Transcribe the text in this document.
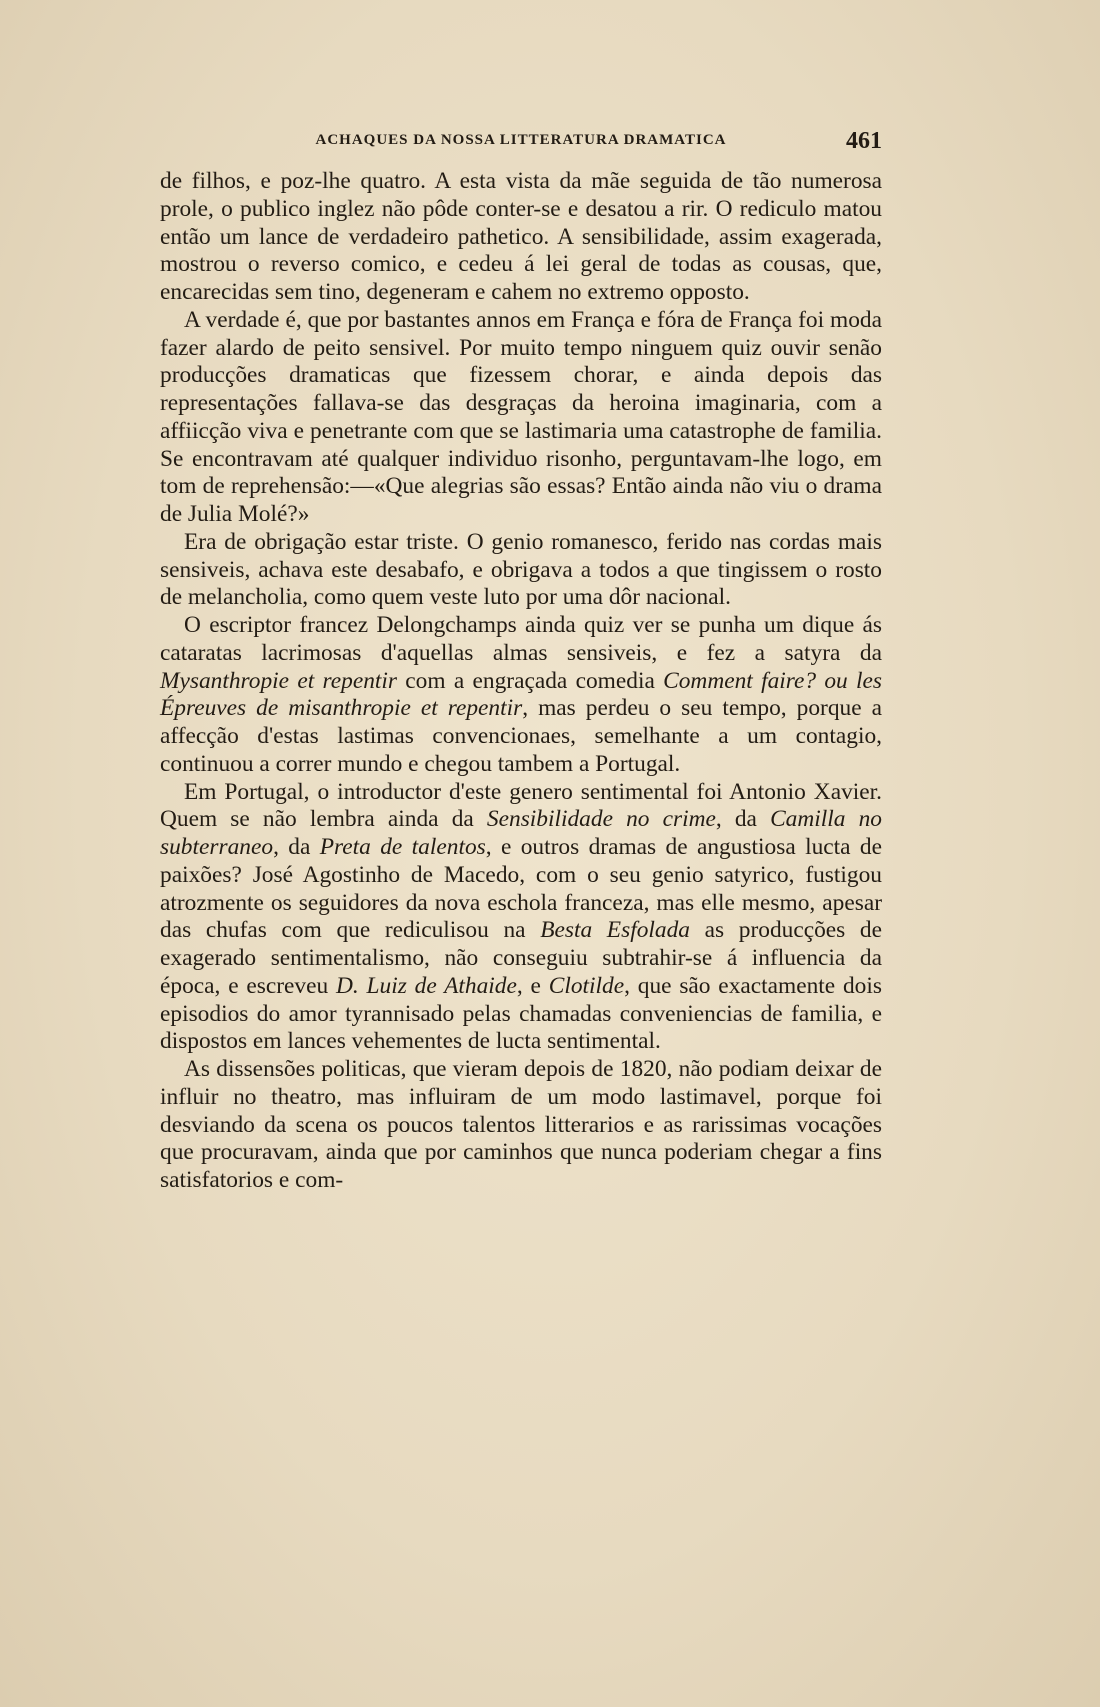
ACHAQUES DA NOSSA LITTERATURA DRAMATICA	461

de filhos, e poz-lhe quatro. A esta vista da mãe seguida de tão numerosa prole, o publico inglez não pôde conter-se e desatou a rir. O rediculo matou então um lance de verdadeiro pathetico. A sensibilidade, assim exagerada, mostrou o reverso comico, e cedeu á lei geral de todas as cousas, que, encarecidas sem tino, degeneram e cahem no extremo opposto.

A verdade é, que por bastantes annos em França e fóra de França foi moda fazer alardo de peito sensivel. Por muito tempo ninguem quiz ouvir senão producções dramaticas que fizessem chorar, e ainda depois das representações fallava-se das desgraças da heroina imaginaria, com a affiicção viva e penetrante com que se lastimaria uma catastrophe de familia. Se encontravam até qualquer individuo risonho, perguntavam-lhe logo, em tom de reprehensão:—«Que alegrias são essas? Então ainda não viu o drama de Julia Molé?»

Era de obrigação estar triste. O genio romanesco, ferido nas cordas mais sensiveis, achava este desabafo, e obrigava a todos a que tingissem o rosto de melancholia, como quem veste luto por uma dôr nacional.

O escriptor francez Delongchamps ainda quiz ver se punha um dique ás cataratas lacrimosas d'aquellas almas sensiveis, e fez a satyra da Mysanthropie et repentir com a engraçada comedia Comment faire? ou les Épreuves de misanthropie et repentir, mas perdeu o seu tempo, porque a affecção d'estas lastimas convencionaes, semelhante a um contagio, continuou a correr mundo e chegou tambem a Portugal.

Em Portugal, o introductor d'este genero sentimental foi Antonio Xavier. Quem se não lembra ainda da Sensibilidade no crime, da Camilla no subterraneo, da Preta de talentos, e outros dramas de angustiosa lucta de paixões? José Agostinho de Macedo, com o seu genio satyrico, fustigou atrozmente os seguidores da nova eschola franceza, mas elle mesmo, apesar das chufas com que rediculisou na Besta Esfolada as producções de exagerado sentimentalismo, não conseguiu subtrahir-se á influencia da época, e escreveu D. Luiz de Athaide, e Clotilde, que são exactamente dois episodios do amor tyrannisado pelas chamadas conveniencias de familia, e dispostos em lances vehementes de lucta sentimental.

As dissensões politicas, que vieram depois de 1820, não podiam deixar de influir no theatro, mas influiram de um modo lastimavel, porque foi desviando da scena os poucos talentos litterarios e as rarissimas vocações que procuravam, ainda que por caminhos que nunca poderiam chegar a fins satisfatorios e com-
